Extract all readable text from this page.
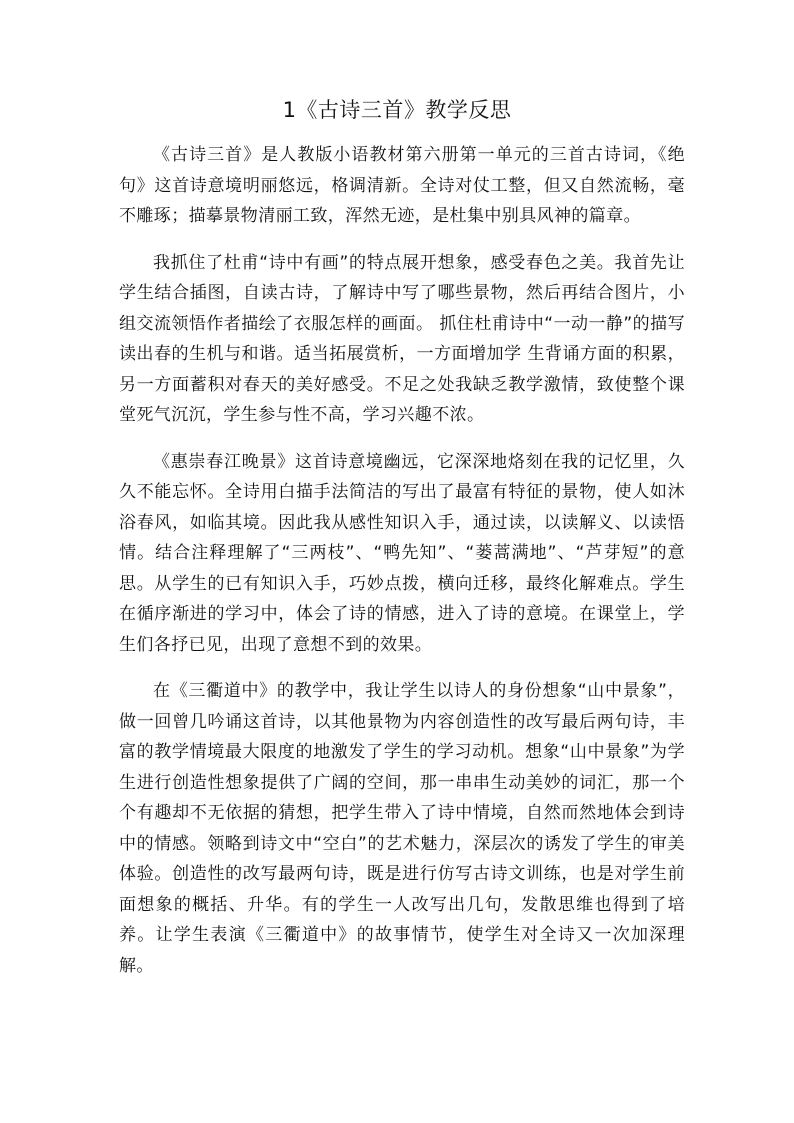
1《古诗三首》教学反思

《古诗三首》是人教版小语教材第六册第一单元的三首古诗词，《绝句》这首诗意境明丽悠远，格调清新。全诗对仗工整，但又自然流畅，毫不雕琢；描摹景物清丽工致，浑然无迹，是杜集中别具风神的篇章。

我抓住了杜甫“诗中有画”的特点展开想象，感受春色之美。我首先让学生结合插图，自读古诗，了解诗中写了哪些景物，然后再结合图片，小组交流领悟作者描绘了衣服怎样的画面。 抓住杜甫诗中“一动一静”的描写读出春的生机与和谐。适当拓展赏析，一方面增加学 生背诵方面的积累，另一方面蓄积对春天的美好感受。不足之处我缺乏教学激情，致使整个课堂死气沉沉，学生参与性不高，学习兴趣不浓。

《惠崇春江晚景》这首诗意境幽远，它深深地烙刻在我的记忆里，久久不能忘怀。全诗用白描手法简洁的写出了最富有特征的景物，使人如沐浴春风，如临其境。因此我从感性知识入手，通过读，以读解义、以读悟情。结合注释理解了“三两枝”、“鸭先知”、“蒌蒿满地”、“芦芽短”的意思。从学生的已有知识入手，巧妙点拨，横向迁移，最终化解难点。学生在循序渐进的学习中，体会了诗的情感，进入了诗的意境。在课堂上，学生们各抒已见，出现了意想不到的效果。

在《三衢道中》的教学中，我让学生以诗人的身份想象“山中景象”，做一回曾几吟诵这首诗，以其他景物为内容创造性的改写最后两句诗，丰富的教学情境最大限度的地激发了学生的学习动机。想象“山中景象”为学生进行创造性想象提供了广阔的空间，那一串串生动美妙的词汇，那一个个有趣却不无依据的猜想，把学生带入了诗中情境，自然而然地体会到诗中的情感。领略到诗文中“空白”的艺术魅力，深层次的诱发了学生的审美体验。创造性的改写最两句诗，既是进行仿写古诗文训练，也是对学生前面想象的概括、升华。有的学生一人改写出几句，发散思维也得到了培养。让学生表演《三衢道中》的故事情节，使学生对全诗又一次加深理解。
